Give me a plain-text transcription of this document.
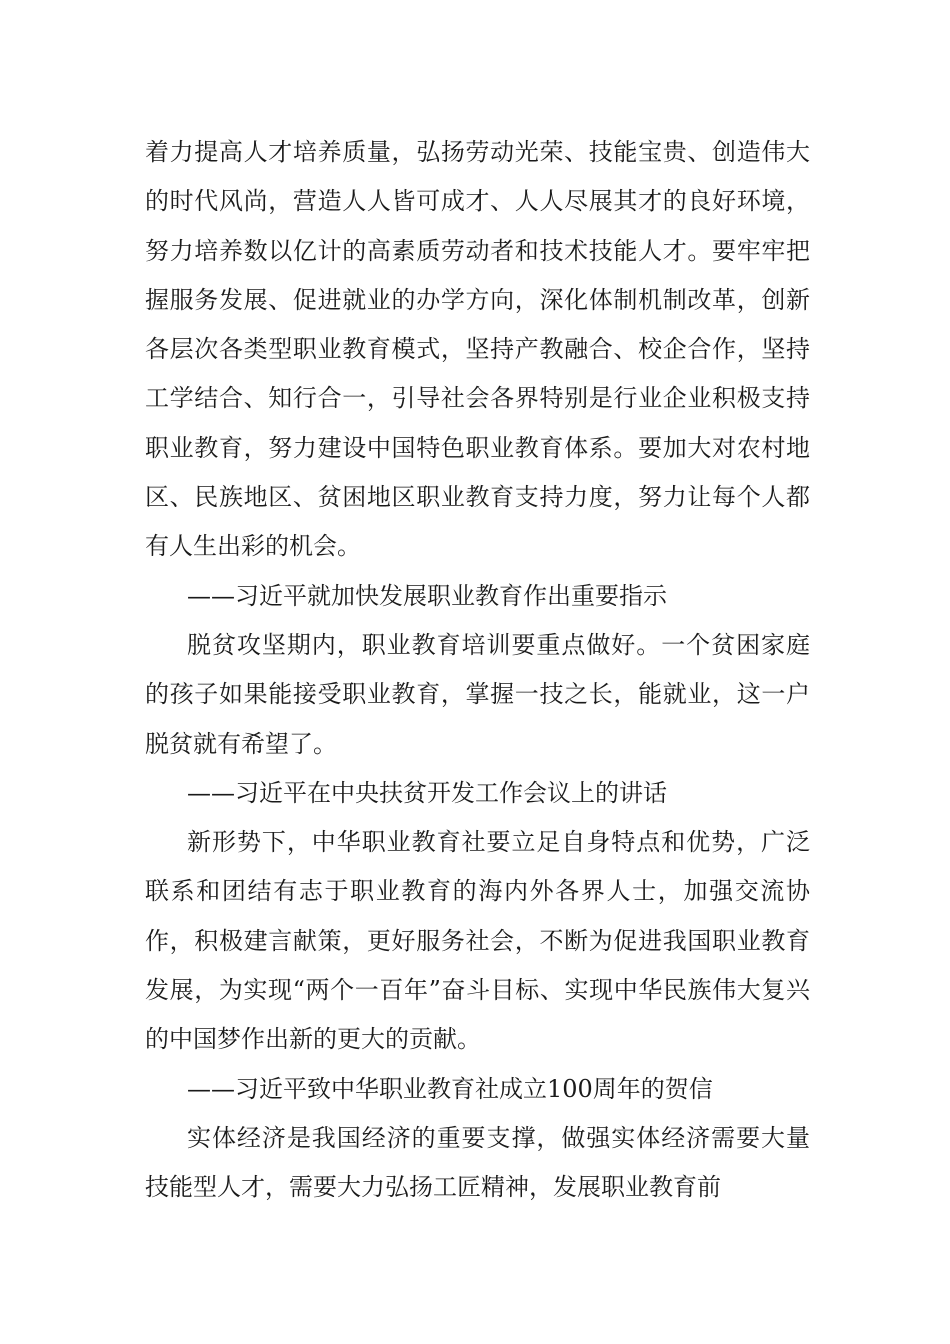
着力提高人才培养质量，弘扬劳动光荣、技能宝贵、创造伟大的时代风尚，营造人人皆可成才、人人尽展其才的良好环境，努力培养数以亿计的高素质劳动者和技术技能人才。要牢牢把握服务发展、促进就业的办学方向，深化体制机制改革，创新各层次各类型职业教育模式，坚持产教融合、校企合作，坚持工学结合、知行合一，引导社会各界特别是行业企业积极支持职业教育，努力建设中国特色职业教育体系。要加大对农村地区、民族地区、贫困地区职业教育支持力度，努力让每个人都有人生出彩的机会。

——习近平就加快发展职业教育作出重要指示

脱贫攻坚期内，职业教育培训要重点做好。一个贫困家庭的孩子如果能接受职业教育，掌握一技之长，能就业，这一户脱贫就有希望了。

——习近平在中央扶贫开发工作会议上的讲话

新形势下，中华职业教育社要立足自身特点和优势，广泛联系和团结有志于职业教育的海内外各界人士，加强交流协作，积极建言献策，更好服务社会，不断为促进我国职业教育发展，为实现“两个一百年”奋斗目标、实现中华民族伟大复兴的中国梦作出新的更大的贡献。

——习近平致中华职业教育社成立100周年的贺信

实体经济是我国经济的重要支撑，做强实体经济需要大量技能型人才，需要大力弘扬工匠精神，发展职业教育前
